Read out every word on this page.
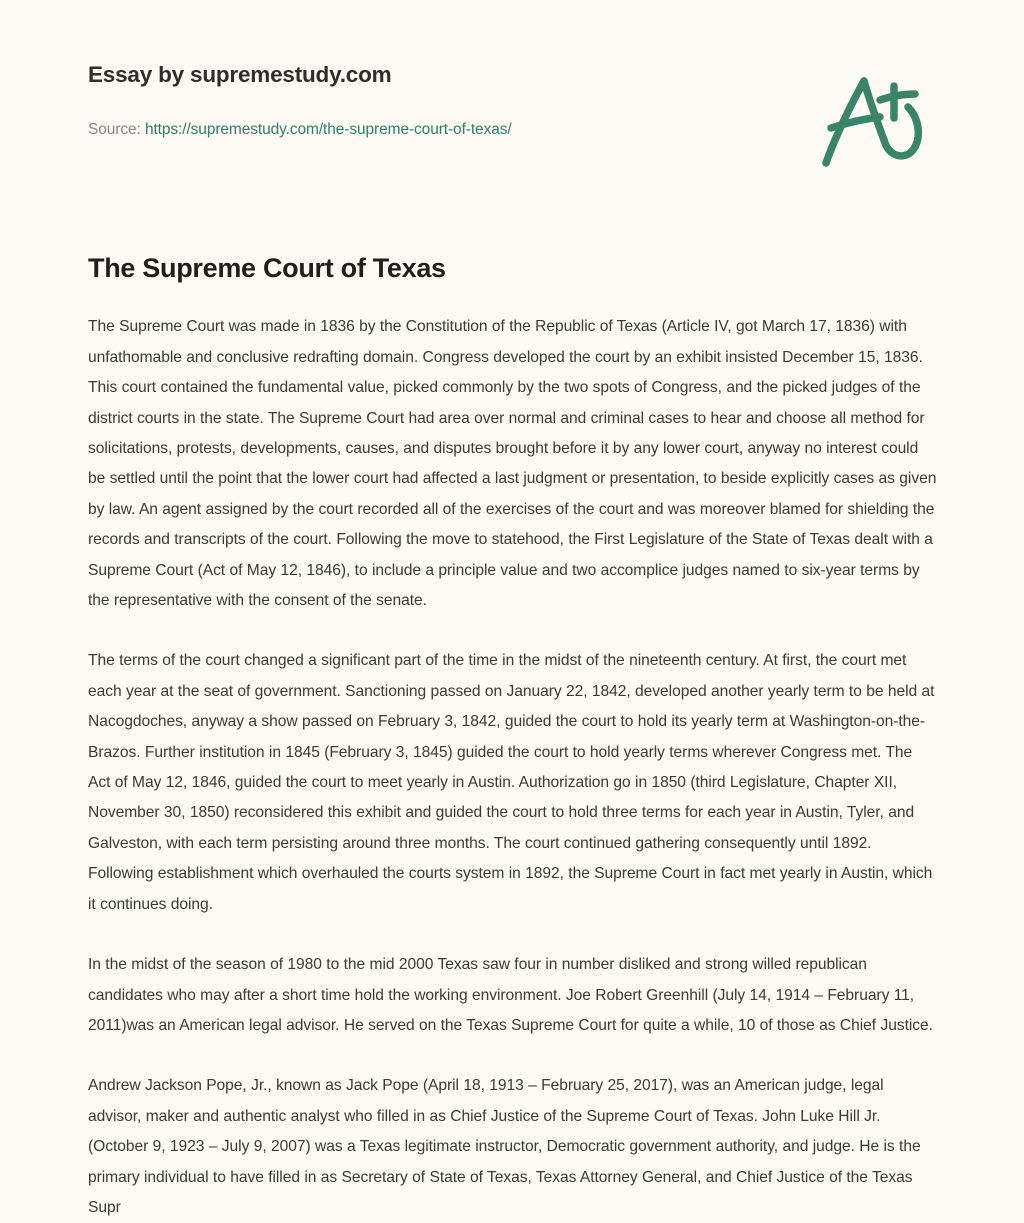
Essay by supremestudy.com
Source: https://supremestudy.com/the-supreme-court-of-texas/
The Supreme Court of Texas

The Supreme Court was made in 1836 by the Constitution of the Republic of Texas (Article IV, got March 17, 1836) with unfathomable and conclusive redrafting domain. Congress developed the court by an exhibit insisted December 15, 1836. This court contained the fundamental value, picked commonly by the two spots of Congress, and the picked judges of the district courts in the state. The Supreme Court had area over normal and criminal cases to hear and choose all method for solicitations, protests, developments, causes, and disputes brought before it by any lower court, anyway no interest could be settled until the point that the lower court had affected a last judgment or presentation, to beside explicitly cases as given by law. An agent assigned by the court recorded all of the exercises of the court and was moreover blamed for shielding the records and transcripts of the court. Following the move to statehood, the First Legislature of the State of Texas dealt with a Supreme Court (Act of May 12, 1846), to include a principle value and two accomplice judges named to six-year terms by the representative with the consent of the senate.

The terms of the court changed a significant part of the time in the midst of the nineteenth century. At first, the court met each year at the seat of government. Sanctioning passed on January 22, 1842, developed another yearly term to be held at Nacogdoches, anyway a show passed on February 3, 1842, guided the court to hold its yearly term at Washington-on-the-Brazos. Further institution in 1845 (February 3, 1845) guided the court to hold yearly terms wherever Congress met. The Act of May 12, 1846, guided the court to meet yearly in Austin. Authorization go in 1850 (third Legislature, Chapter XII, November 30, 1850) reconsidered this exhibit and guided the court to hold three terms for each year in Austin, Tyler, and Galveston, with each term persisting around three months. The court continued gathering consequently until 1892. Following establishment which overhauled the courts system in 1892, the Supreme Court in fact met yearly in Austin, which it continues doing.

In the midst of the season of 1980 to the mid 2000 Texas saw four in number disliked and strong willed republican candidates who may after a short time hold the working environment. Joe Robert Greenhill (July 14, 1914 – February 11, 2011)was an American legal advisor. He served on the Texas Supreme Court for quite a while, 10 of those as Chief Justice.

Andrew Jackson Pope, Jr., known as Jack Pope (April 18, 1913 – February 25, 2017), was an American judge, legal advisor, maker and authentic analyst who filled in as Chief Justice of the Supreme Court of Texas. John Luke Hill Jr. (October 9, 1923 – July 9, 2007) was a Texas legitimate instructor, Democratic government authority, and judge. He is the primary individual to have filled in as Secretary of State of Texas, Texas Attorney General, and Chief Justice of the Texas Supr
